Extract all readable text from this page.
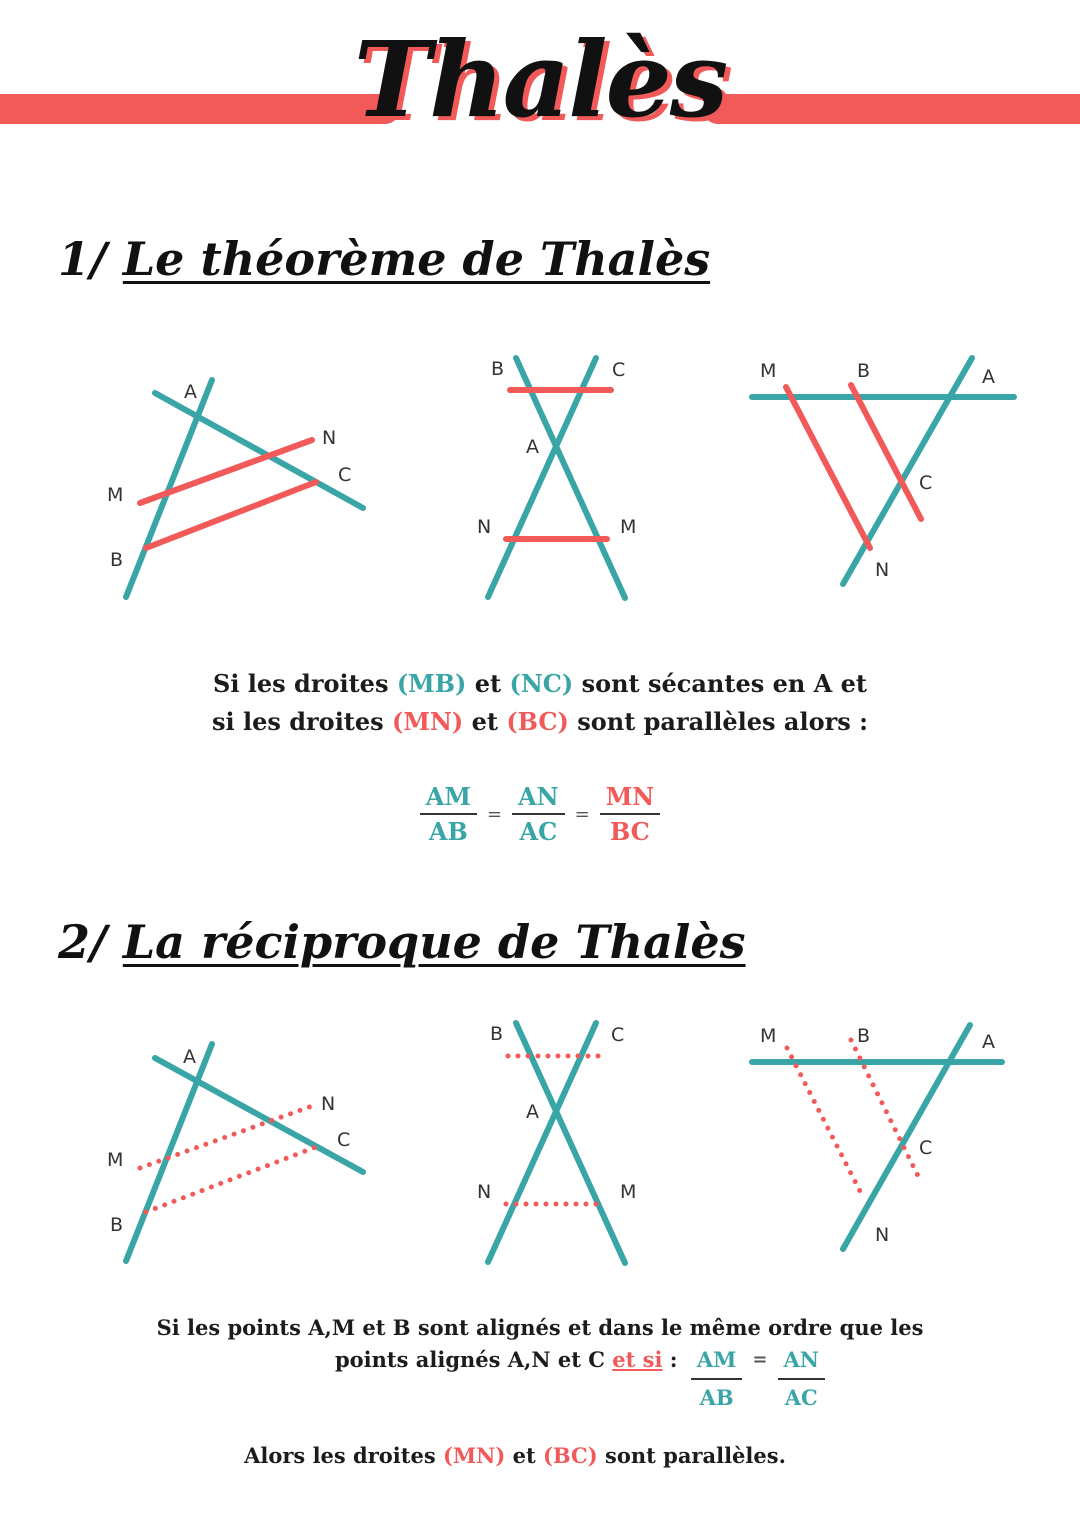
Thalès
1/ Le théorème de Thalès
A
N
C
M
B
B	C
A
N	M
M	B	A
C
N
A
N
C
M
B
B	C
A
N	M
M	B	A
C
N
Si les droites (MB) et (NC) sont sécantes en A et
si les droites (MN) et (BC) sont parallèles alors :
$\frac{AM}{AB} = \frac{AN}{AC} = \frac{MN}{BC}$
2/ La réciproque de Thalès
Si les points A,M et B sont alignés et dans le même ordre que les
points alignés A,N et C et si : $\frac{AM}{AB} = \frac{AN}{AC}$
Alors les droites (MN) et (BC) sont parallèles.
